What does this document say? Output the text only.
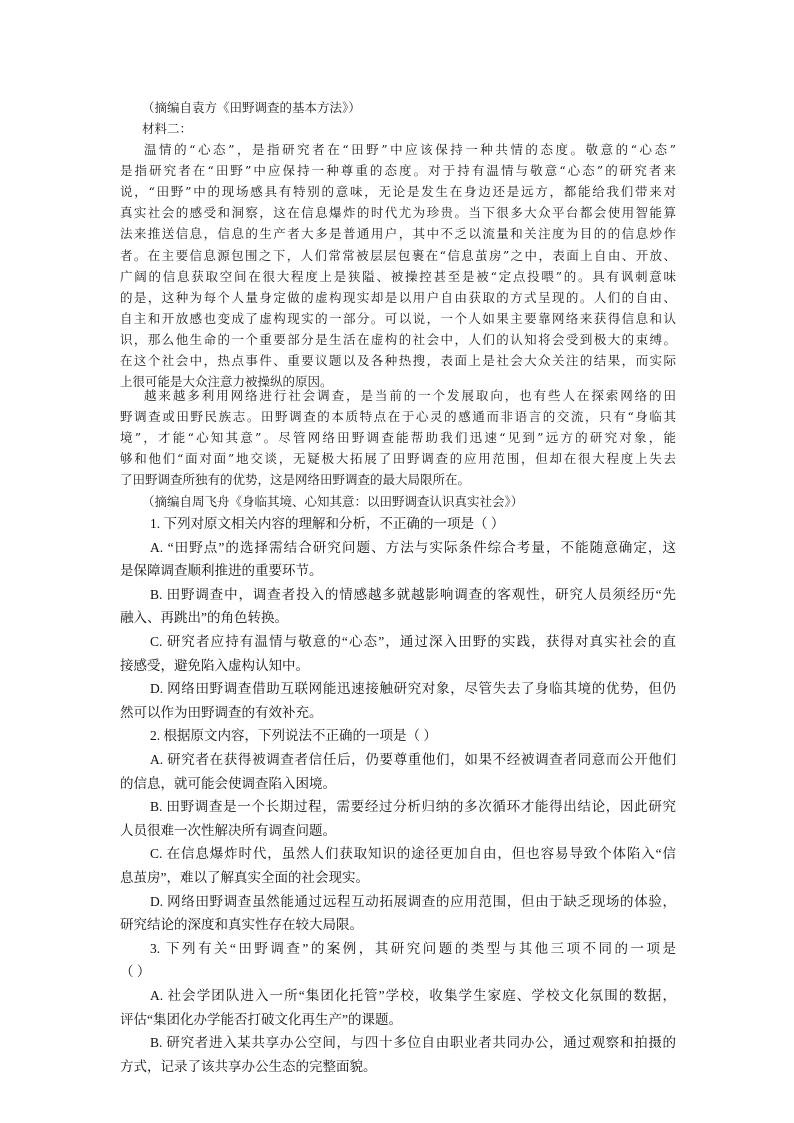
（摘编自袁方《田野调查的基本方法》）
材料二：
温情的“心态”，是指研究者在“田野”中应该保持一种共情的态度。敬意的“心态”
是指研究者在“田野”中应保持一种尊重的态度。对于持有温情与敬意“心态”的研究者来
说，“田野”中的现场感具有特别的意味，无论是发生在身边还是远方，都能给我们带来对
真实社会的感受和洞察，这在信息爆炸的时代尤为珍贵。当下很多大众平台都会使用智能算
法来推送信息，信息的生产者大多是普通用户，其中不乏以流量和关注度为目的的信息炒作
者。在主要信息源包围之下，人们常常被层层包裹在“信息茧房”之中，表面上自由、开放、
广阔的信息获取空间在很大程度上是狭隘、被操控甚至是被“定点投喂”的。具有讽刺意味
的是，这种为每个人量身定做的虚构现实却是以用户自由获取的方式呈现的。人们的自由、
自主和开放感也变成了虚构现实的一部分。可以说，一个人如果主要靠网络来获得信息和认
识，那么他生命的一个重要部分是生活在虚构的社会中，人们的认知将会受到极大的束缚。
在这个社会中，热点事件、重要议题以及各种热搜，表面上是社会大众关注的结果，而实际
上很可能是大众注意力被操纵的原因。
越来越多利用网络进行社会调查，是当前的一个发展取向，也有些人在探索网络的田
野调查或田野民族志。田野调查的本质特点在于心灵的感通而非语言的交流，只有“身临其
境”，才能“心知其意”。尽管网络田野调查能帮助我们迅速“见到”远方的研究对象，能
够和他们“面对面”地交谈，无疑极大拓展了田野调查的应用范围，但却在很大程度上失去
了田野调查所独有的优势，这是网络田野调查的最大局限所在。
（摘编自周飞舟《身临其境、心知其意：以田野调查认识真实社会》）
1. 下列对原文相关内容的理解和分析，不正确的一项是（ ）
A. “田野点”的选择需结合研究问题、方法与实际条件综合考量，不能随意确定，这
是保障调查顺利推进的重要环节。
B. 田野调查中，调查者投入的情感越多就越影响调查的客观性，研究人员须经历“先
融入、再跳出”的角色转换。
C. 研究者应持有温情与敬意的“心态”，通过深入田野的实践，获得对真实社会的直
接感受，避免陷入虚构认知中。
D. 网络田野调查借助互联网能迅速接触研究对象，尽管失去了身临其境的优势，但仍
然可以作为田野调查的有效补充。
2. 根据原文内容，下列说法不正确的一项是（ ）
A. 研究者在获得被调查者信任后，仍要尊重他们，如果不经被调查者同意而公开他们
的信息，就可能会使调查陷入困境。
B. 田野调查是一个长期过程，需要经过分析归纳的多次循环才能得出结论，因此研究
人员很难一次性解决所有调查问题。
C. 在信息爆炸时代，虽然人们获取知识的途径更加自由，但也容易导致个体陷入“信
息茧房”，难以了解真实全面的社会现实。
D. 网络田野调查虽然能通过远程互动拓展调查的应用范围，但由于缺乏现场的体验，
研究结论的深度和真实性存在较大局限。
3. 下列有关“田野调查”的案例，其研究问题的类型与其他三项不同的一项是
（ ）
A. 社会学团队进入一所“集团化托管”学校，收集学生家庭、学校文化氛围的数据，
评估“集团化办学能否打破文化再生产”的课题。
B. 研究者进入某共享办公空间，与四十多位自由职业者共同办公，通过观察和拍摄的
方式，记录了该共享办公生态的完整面貌。
